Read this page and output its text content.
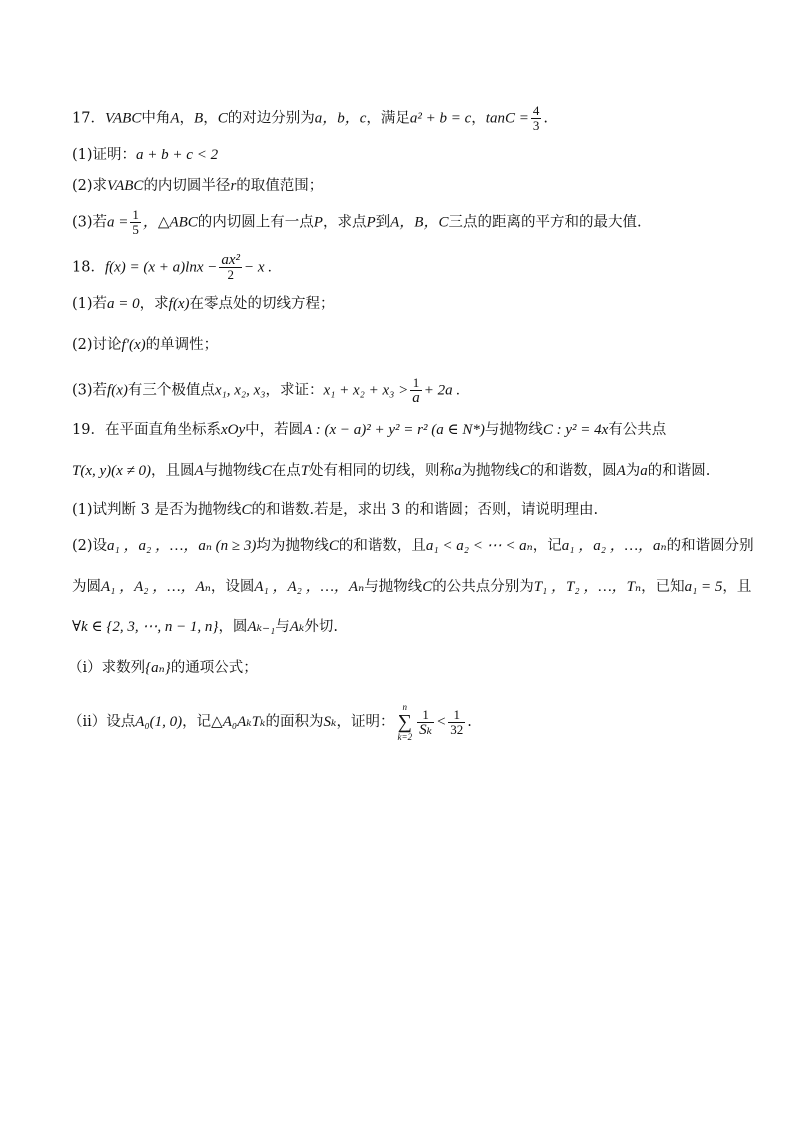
17．VABC中角A，B，C的对边分别为a，b，c，满足a² + b = c，$\tan C = \frac{4}{3}$ .
(1)证明：a + b + c < 2
(2)求VABC的内切圆半径r的取值范围；
(3)若$a = \frac{1}{5}$ ，△ABC的内切圆上有一点P，求点P到A，B，C三点的距离的平方和的最大值.
18．$f(x) = (x + a)\ln x - \frac{\text{ax²}}{2} - x$ .
(1)若a = 0，求f(x)在零点处的切线方程；
(2)讨论f′(x)的单调性；
(3)若f(x)有三个极值点x₁, x₂, x₃，求证：$x_1 + x_2 + x_3 > \frac{1}{a} + 2a$ .
19．在平面直角坐标系xOy中，若圆A : (x − a)² + y² = r² (a ∈ N*)与抛物线C : y² = 4x有公共点
T(x, y)(x ≠ 0)，且圆A与抛物线C在点T处有相同的切线，则称a为抛物线C的和谐数，圆A为a的和谐圆.
(1)试判断 3 是否为抛物线C的和谐数.若是，求出 3 的和谐圆；否则，请说明理由.
(2)设a₁ ，a₂ ，…，aₙ (n ≥ 3)均为抛物线C的和谐数，且a₁ < a₂ < ⋯ < aₙ，记a₁ ，a₂ ，…，aₙ的和谐圆分别
为圆A₁ ，A₂ ，…，Aₙ，设圆A₁ ，A₂ ，…，Aₙ与抛物线C的公共点分别为T₁ ，T₂ ，…，Tₙ，已知a₁ = 5，且
∀k ∈ {2, 3, ⋯, n − 1, n}，圆Aₖ₋₁与Aₖ外切.
（i）求数列{aₙ}的通项公式；
（ii）设点A₀(1, 0)，记△A₀AₖTₖ的面积为Sₖ，证明：
n
∑
k=2
$\frac{1}{\text{Sₖ}} < \frac{1}{32}$ .
